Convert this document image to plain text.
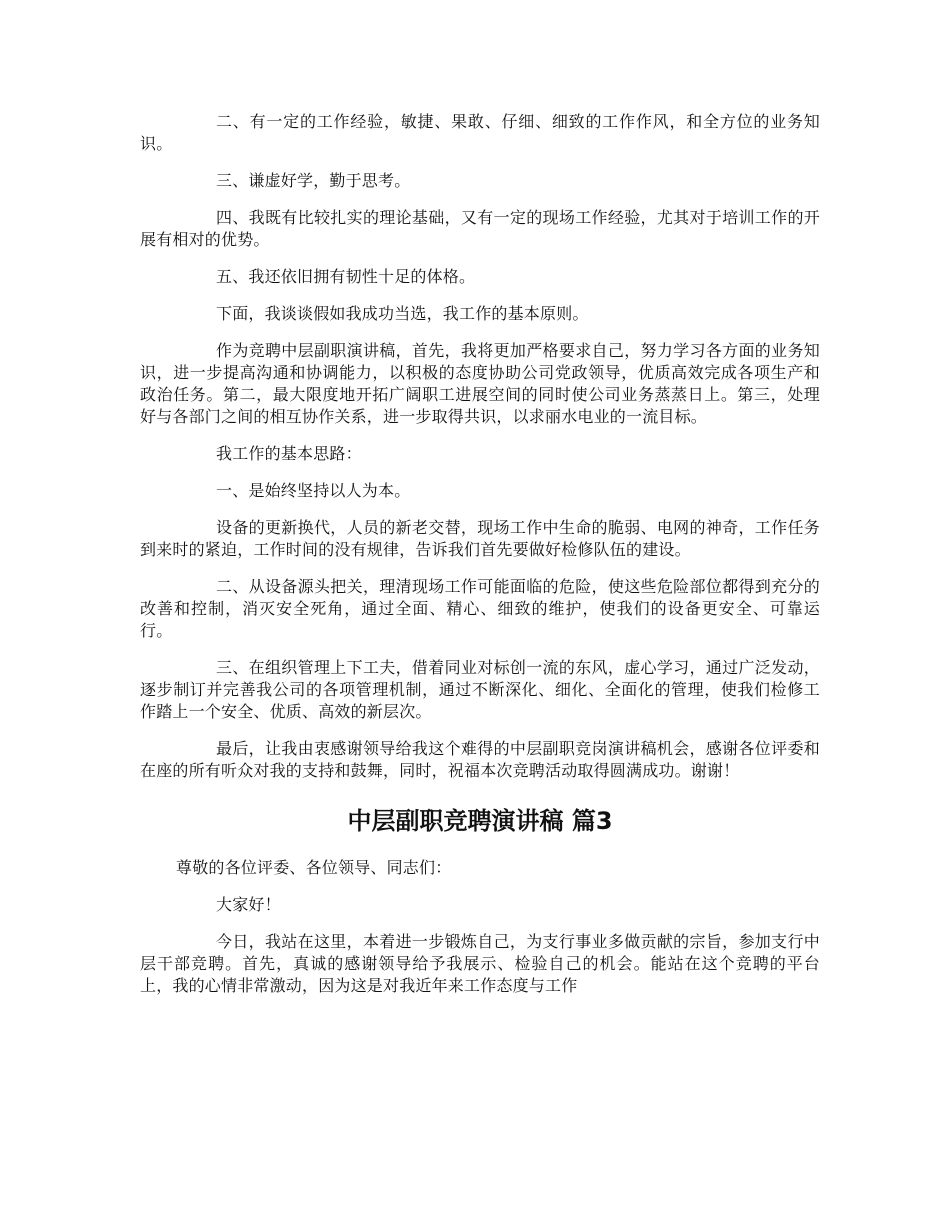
二、有一定的工作经验，敏捷、果敢、仔细、细致的工作作风，和全方位的业务知识。

三、谦虚好学，勤于思考。

四、我既有比较扎实的理论基础，又有一定的现场工作经验，尤其对于培训工作的开展有相对的优势。

五、我还依旧拥有韧性十足的体格。

下面，我谈谈假如我成功当选，我工作的基本原则。

作为竞聘中层副职演讲稿，首先，我将更加严格要求自己，努力学习各方面的业务知识，进一步提高沟通和协调能力，以积极的态度协助公司党政领导，优质高效完成各项生产和政治任务。第二，最大限度地开拓广阔职工进展空间的同时使公司业务蒸蒸日上。第三，处理好与各部门之间的相互协作关系，进一步取得共识，以求丽水电业的一流目标。

我工作的基本思路：

一、是始终坚持以人为本。

设备的更新换代，人员的新老交替，现场工作中生命的脆弱、电网的神奇，工作任务到来时的紧迫，工作时间的没有规律，告诉我们首先要做好检修队伍的建设。

二、从设备源头把关，理清现场工作可能面临的危险，使这些危险部位都得到充分的改善和控制，消灭安全死角，通过全面、精心、细致的维护，使我们的设备更安全、可靠运行。

三、在组织管理上下工夫，借着同业对标创一流的东风，虚心学习，通过广泛发动，逐步制订并完善我公司的各项管理机制，通过不断深化、细化、全面化的管理，使我们检修工作踏上一个安全、优质、高效的新层次。

最后，让我由衷感谢领导给我这个难得的中层副职竞岗演讲稿机会，感谢各位评委和在座的所有听众对我的支持和鼓舞，同时，祝福本次竞聘活动取得圆满成功。谢谢！

中层副职竞聘演讲稿 篇3

尊敬的各位评委、各位领导、同志们：

大家好！

今日，我站在这里，本着进一步锻炼自己，为支行事业多做贡献的宗旨，参加支行中层干部竞聘。首先，真诚的感谢领导给予我展示、检验自己的机会。能站在这个竞聘的平台上，我的心情非常激动，因为这是对我近年来工作态度与工作
